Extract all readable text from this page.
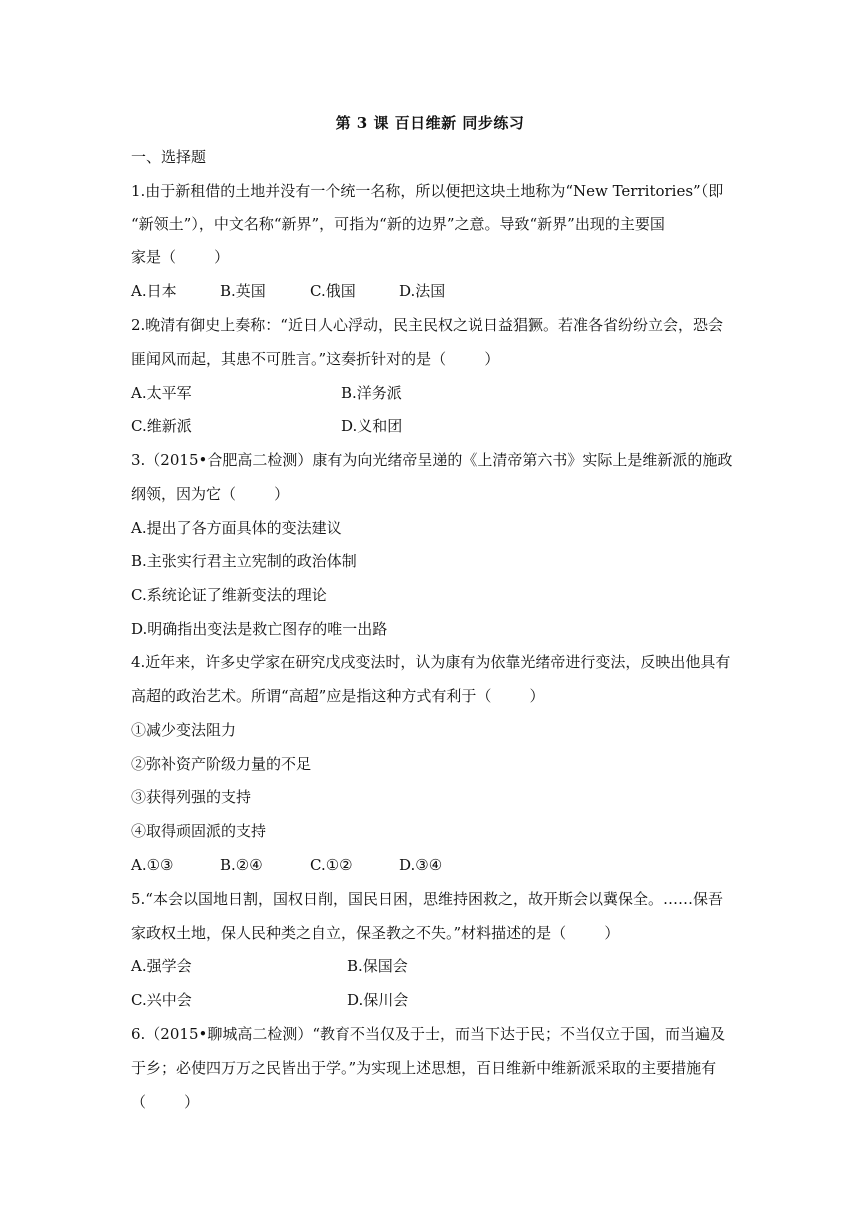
第 3 课 百日维新 同步练习
一、选择题
1.由于新租借的土地并没有一个统一名称，所以便把这块土地称为“New Territories”（即
“新领土”），中文名称“新界”，可指为“新的边界”之意。导致“新界”出现的主要国
家是（        ）
A.日本	B.英国	C.俄国	D.法国
2.晚清有御史上奏称：“近日人心浮动，民主民权之说日益猖獗。若准各省纷纷立会，恐会
匪闻风而起，其患不可胜言。”这奏折针对的是（        ）
A.太平军	B.洋务派
C.维新派	D.义和团
3.（2015•合肥高二检测）康有为向光绪帝呈递的《上清帝第六书》实际上是维新派的施政
纲领，因为它（        ）
A.提出了各方面具体的变法建议
B.主张实行君主立宪制的政治体制
C.系统论证了维新变法的理论
D.明确指出变法是救亡图存的唯一出路
4.近年来，许多史学家在研究戊戌变法时，认为康有为依靠光绪帝进行变法，反映出他具有
高超的政治艺术。所谓“高超”应是指这种方式有利于（        ）
①减少变法阻力
②弥补资产阶级力量的不足
③获得列强的支持
④取得顽固派的支持
A.①③	B.②④	C.①②	D.③④
5.“本会以国地日割，国权日削，国民日困，思维持困救之，故开斯会以冀保全。……保吾
家政权土地，保人民种类之自立，保圣教之不失。”材料描述的是（        ）
A.强学会	B.保国会
C.兴中会	D.保川会
6.（2015•聊城高二检测）“教育不当仅及于士，而当下达于民；不当仅立于国，而当遍及
于乡；必使四万万之民皆出于学。”为实现上述思想，百日维新中维新派采取的主要措施有
（        ）
